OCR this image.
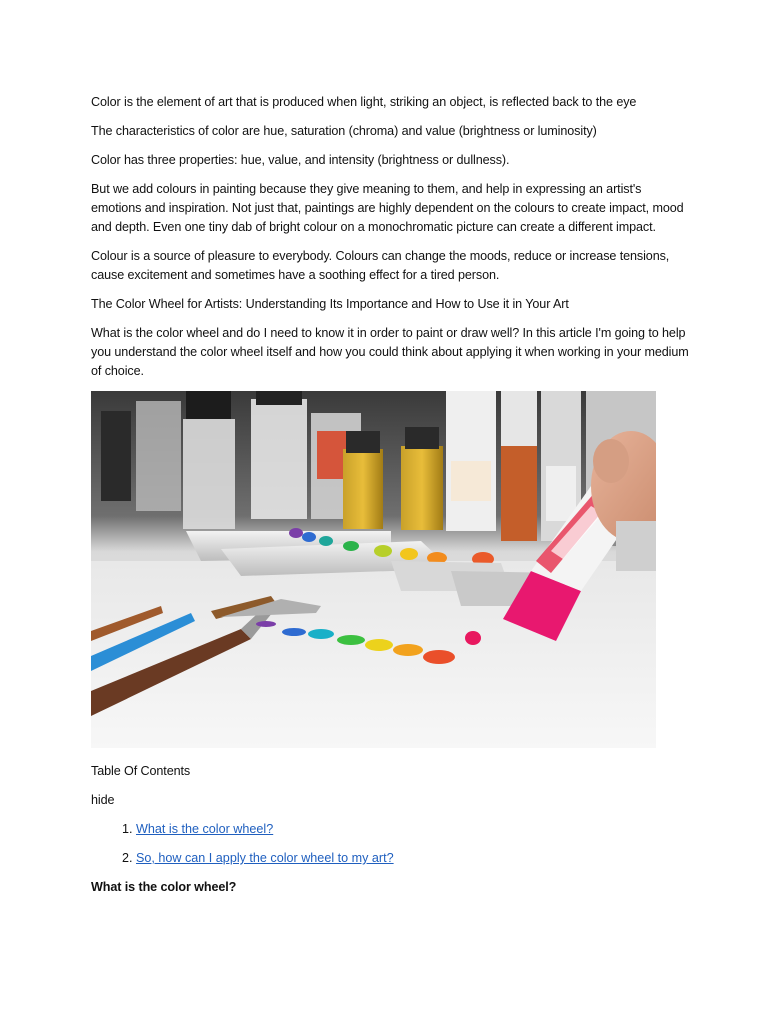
Color is the element of art that is produced when light, striking an object, is reflected back to the eye

The characteristics of color are hue, saturation (chroma) and value (brightness or luminosity)

Color has three properties: hue, value, and intensity (brightness or dullness).

But we add colours in painting because they give meaning to them, and help in expressing an artist's emotions and inspiration. Not just that, paintings are highly dependent on the colours to create impact, mood and depth. Even one tiny dab of bright colour on a monochromatic picture can create a different impact.

Colour is a source of pleasure to everybody. Colours can change the moods, reduce or increase tensions, cause excitement and sometimes have a soothing effect for a tired person.

The Color Wheel for Artists: Understanding Its Importance and How to Use it in Your Art

What is the color wheel and do I need to know it in order to paint or draw well? In this article I'm going to help you understand the color wheel itself and how you could think about applying it when working in your medium of choice.

Table Of Contents

hide

1. What is the color wheel?
2. So, how can I apply the color wheel to my art?

What is the color wheel?
